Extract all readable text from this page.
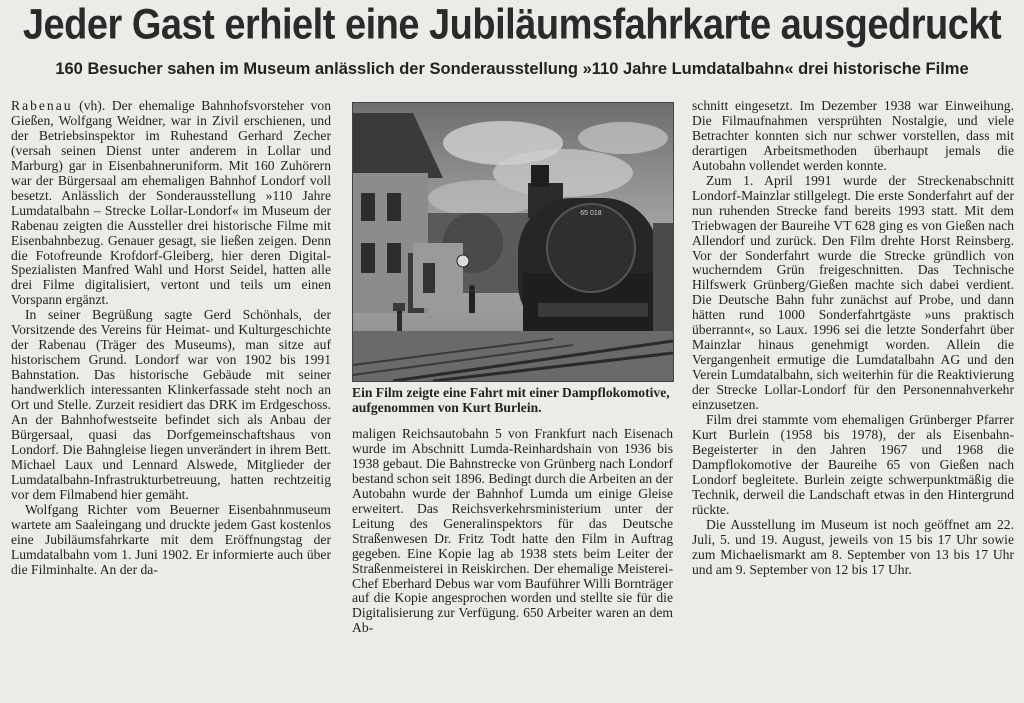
Jeder Gast erhielt eine Jubiläumsfahrkarte ausgedruckt
160 Besucher sahen im Museum anlässlich der Sonderausstellung »110 Jahre Lumdatalbahn« drei historische Filme

Rabenau (vh). Der ehemalige Bahnhofsvorsteher von Gießen, Wolfgang Weidner, war in Zivil erschienen, und der Betriebsinspektor im Ruhestand Gerhard Zecher (versah seinen Dienst unter anderem in Lollar und Marburg) gar in Eisenbahneruniform. Mit 160 Zuhörern war der Bürgersaal am ehemaligen Bahnhof Londorf voll besetzt. Anlässlich der Sonderausstellung »110 Jahre Lumdatalbahn – Strecke Lollar-Londorf« im Museum der Rabenau zeigten die Aussteller drei historische Filme mit Eisenbahnbezug. Genauer gesagt, sie ließen zeigen. Denn die Fotofreunde Krofdorf-Gleiberg, hier deren Digital-Spezialisten Manfred Wahl und Horst Seidel, hatten alle drei Filme digitalisiert, vertont und teils um einen Vorspann ergänzt.

In seiner Begrüßung sagte Gerd Schönhals, der Vorsitzende des Vereins für Heimat- und Kulturgeschichte der Rabenau (Träger des Museums), man sitze auf historischem Grund. Londorf war von 1902 bis 1991 Bahnstation. Das historische Gebäude mit seiner handwerklich interessanten Klinkerfassade steht noch an Ort und Stelle. Zurzeit residiert das DRK im Erdgeschoss. An der Bahnhofwestseite befindet sich als Anbau der Bürgersaal, quasi das Dorfgemeinschaftshaus von Londorf. Die Bahngleise liegen unverändert in ihrem Bett. Michael Laux und Lennard Alswede, Mitglieder der Lumdatalbahn-Infrastrukturbetreuung, hatten rechtzeitig vor dem Filmabend hier gemäht.

Wolfgang Richter vom Beuerner Eisenbahnmuseum wartete am Saaleingang und druckte jedem Gast kostenlos eine Jubiläumsfahrkarte mit dem Eröffnungstag der Lumdatalbahn vom 1. Juni 1902. Er informierte auch über die Filminhalte. An der da-

65 018

Ein Film zeigte eine Fahrt mit einer Dampflokomotive, aufgenommen von Kurt Burlein.

maligen Reichsautobahn 5 von Frankfurt nach Eisenach wurde im Abschnitt Lumda-Reinhardshain von 1936 bis 1938 gebaut. Die Bahnstrecke von Grünberg nach Londorf bestand schon seit 1896. Bedingt durch die Arbeiten an der Autobahn wurde der Bahnhof Lumda um einige Gleise erweitert. Das Reichsverkehrsministerium unter der Leitung des Generalinspektors für das Deutsche Straßenwesen Dr. Fritz Todt hatte den Film in Auftrag gegeben. Eine Kopie lag ab 1938 stets beim Leiter der Straßenmeisterei in Reiskirchen. Der ehemalige Meisterei-Chef Eberhard Debus war vom Bauführer Willi Bornträger auf die Kopie angesprochen worden und stellte sie für die Digitalisierung zur Verfügung. 650 Arbeiter waren an dem Ab-

schnitt eingesetzt. Im Dezember 1938 war Einweihung. Die Filmaufnahmen versprühten Nostalgie, und viele Betrachter konnten sich nur schwer vorstellen, dass mit derartigen Arbeitsmethoden überhaupt jemals die Autobahn vollendet werden konnte.

Zum 1. April 1991 wurde der Streckenabschnitt Londorf-Mainzlar stillgelegt. Die erste Sonderfahrt auf der nun ruhenden Strecke fand bereits 1993 statt. Mit dem Triebwagen der Baureihe VT 628 ging es von Gießen nach Allendorf und zurück. Den Film drehte Horst Reinsberg. Vor der Sonderfahrt wurde die Strecke gründlich von wucherndem Grün freigeschnitten. Das Technische Hilfswerk Grünberg/Gießen machte sich dabei verdient. Die Deutsche Bahn fuhr zunächst auf Probe, und dann hätten rund 1000 Sonderfahrtgäste »uns praktisch überrannt«, so Laux. 1996 sei die letzte Sonderfahrt über Mainzlar hinaus genehmigt worden. Allein die Vergangenheit ermutige die Lumdatalbahn AG und den Verein Lumdatalbahn, sich weiterhin für die Reaktivierung der Strecke Lollar-Londorf für den Personennahverkehr einzusetzen.

Film drei stammte vom ehemaligen Grünberger Pfarrer Kurt Burlein (1958 bis 1978), der als Eisenbahn-Begeisterter in den Jahren 1967 und 1968 die Dampflokomotive der Baureihe 65 von Gießen nach Londorf begleitete. Burlein zeigte schwerpunktmäßig die Technik, derweil die Landschaft etwas in den Hintergrund rückte.

Die Ausstellung im Museum ist noch geöffnet am 22. Juli, 5. und 19. August, jeweils von 15 bis 17 Uhr sowie zum Michaelismarkt am 8. September von 13 bis 17 Uhr und am 9. September von 12 bis 17 Uhr.
